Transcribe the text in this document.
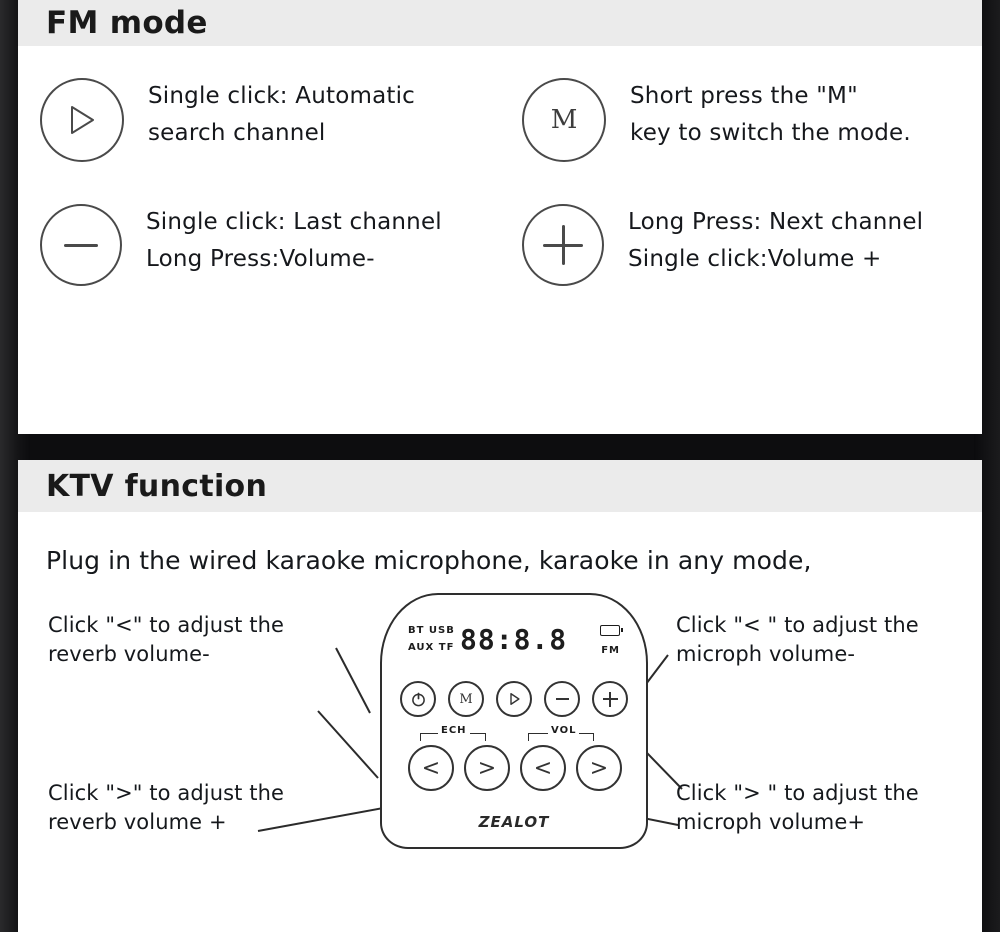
FM mode
Single click: Automatic
search channel	M
Short press the "M"
key to switch the mode.
Single click: Last channel
Long Press:Volume-
Long Press: Next channel
Single click:Volume +
KTV function
Plug in the wired karaoke microphone, karaoke in any mode,
Click "<" to adjust the
reverb volume-
Click "< " to adjust the
microph volume-
Click ">" to adjust the
reverb volume +
Click "> " to adjust the
microph volume+
BT USB
AUX TF 88:8.8	FM
M
ECH	VOL
<	>	<	>
ZEALOT
